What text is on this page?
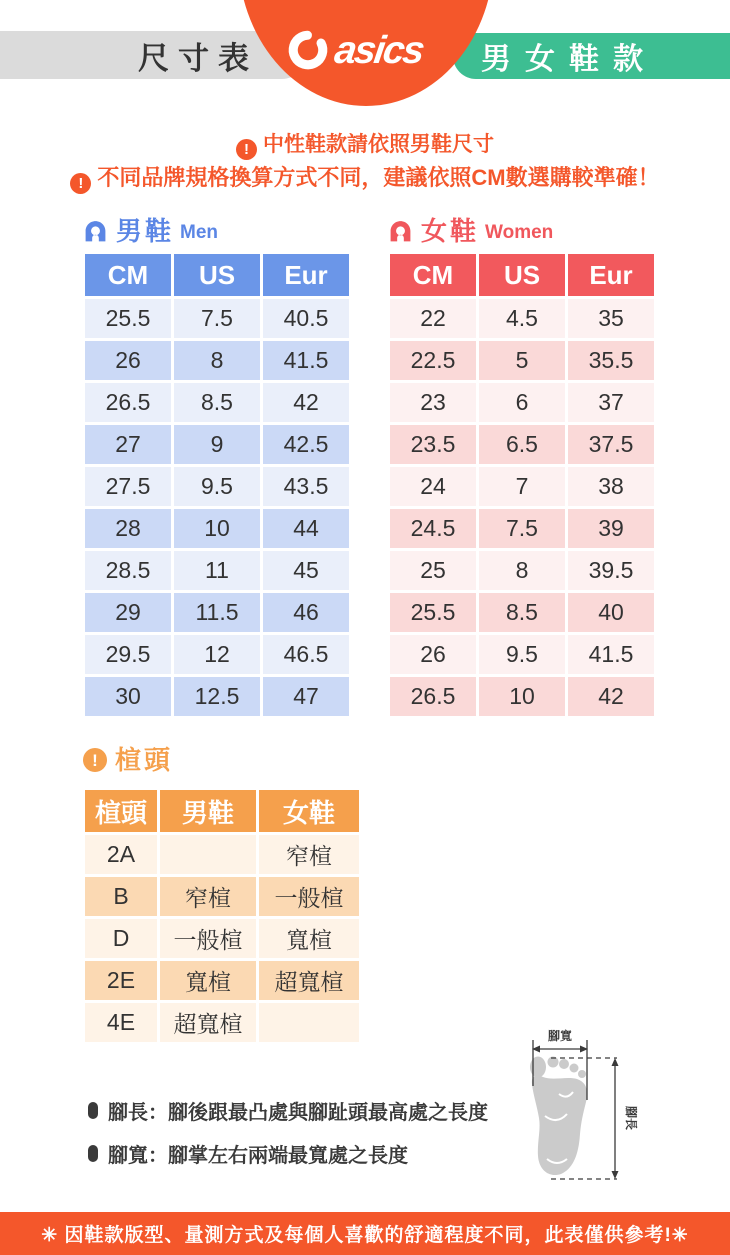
尺寸表	男女鞋款
asics
! 中性鞋款請依照男鞋尺寸
! 不同品牌規格換算方式不同，建議依照CM數選購較準確！
男鞋 Men
CM	US	Eur
25.5	7.5	40.5
26	8	41.5
26.5	8.5	42
27	9	42.5
27.5	9.5	43.5
28	10	44
28.5	11	45
29	11.5	46
29.5	12	46.5
30	12.5	47
女鞋 Women
CM	US	Eur
22	4.5	35
22.5	5	35.5
23	6	37
23.5	6.5	37.5
24	7	38
24.5	7.5	39
25	8	39.5
25.5	8.5	40
26	9.5	41.5
26.5	10	42
! 楦頭
楦頭	男鞋	女鞋
2A		窄楦
B	窄楦	一般楦
D	一般楦	寬楦
2E	寬楦	超寬楦
4E	超寬楦	
腳長：腳後跟最凸處與腳趾頭最高處之長度
腳寬：腳掌左右兩端最寬處之長度
腳寬
腳長
✳ 因鞋款版型、量測方式及每個人喜歡的舒適程度不同，此表僅供參考!✳
